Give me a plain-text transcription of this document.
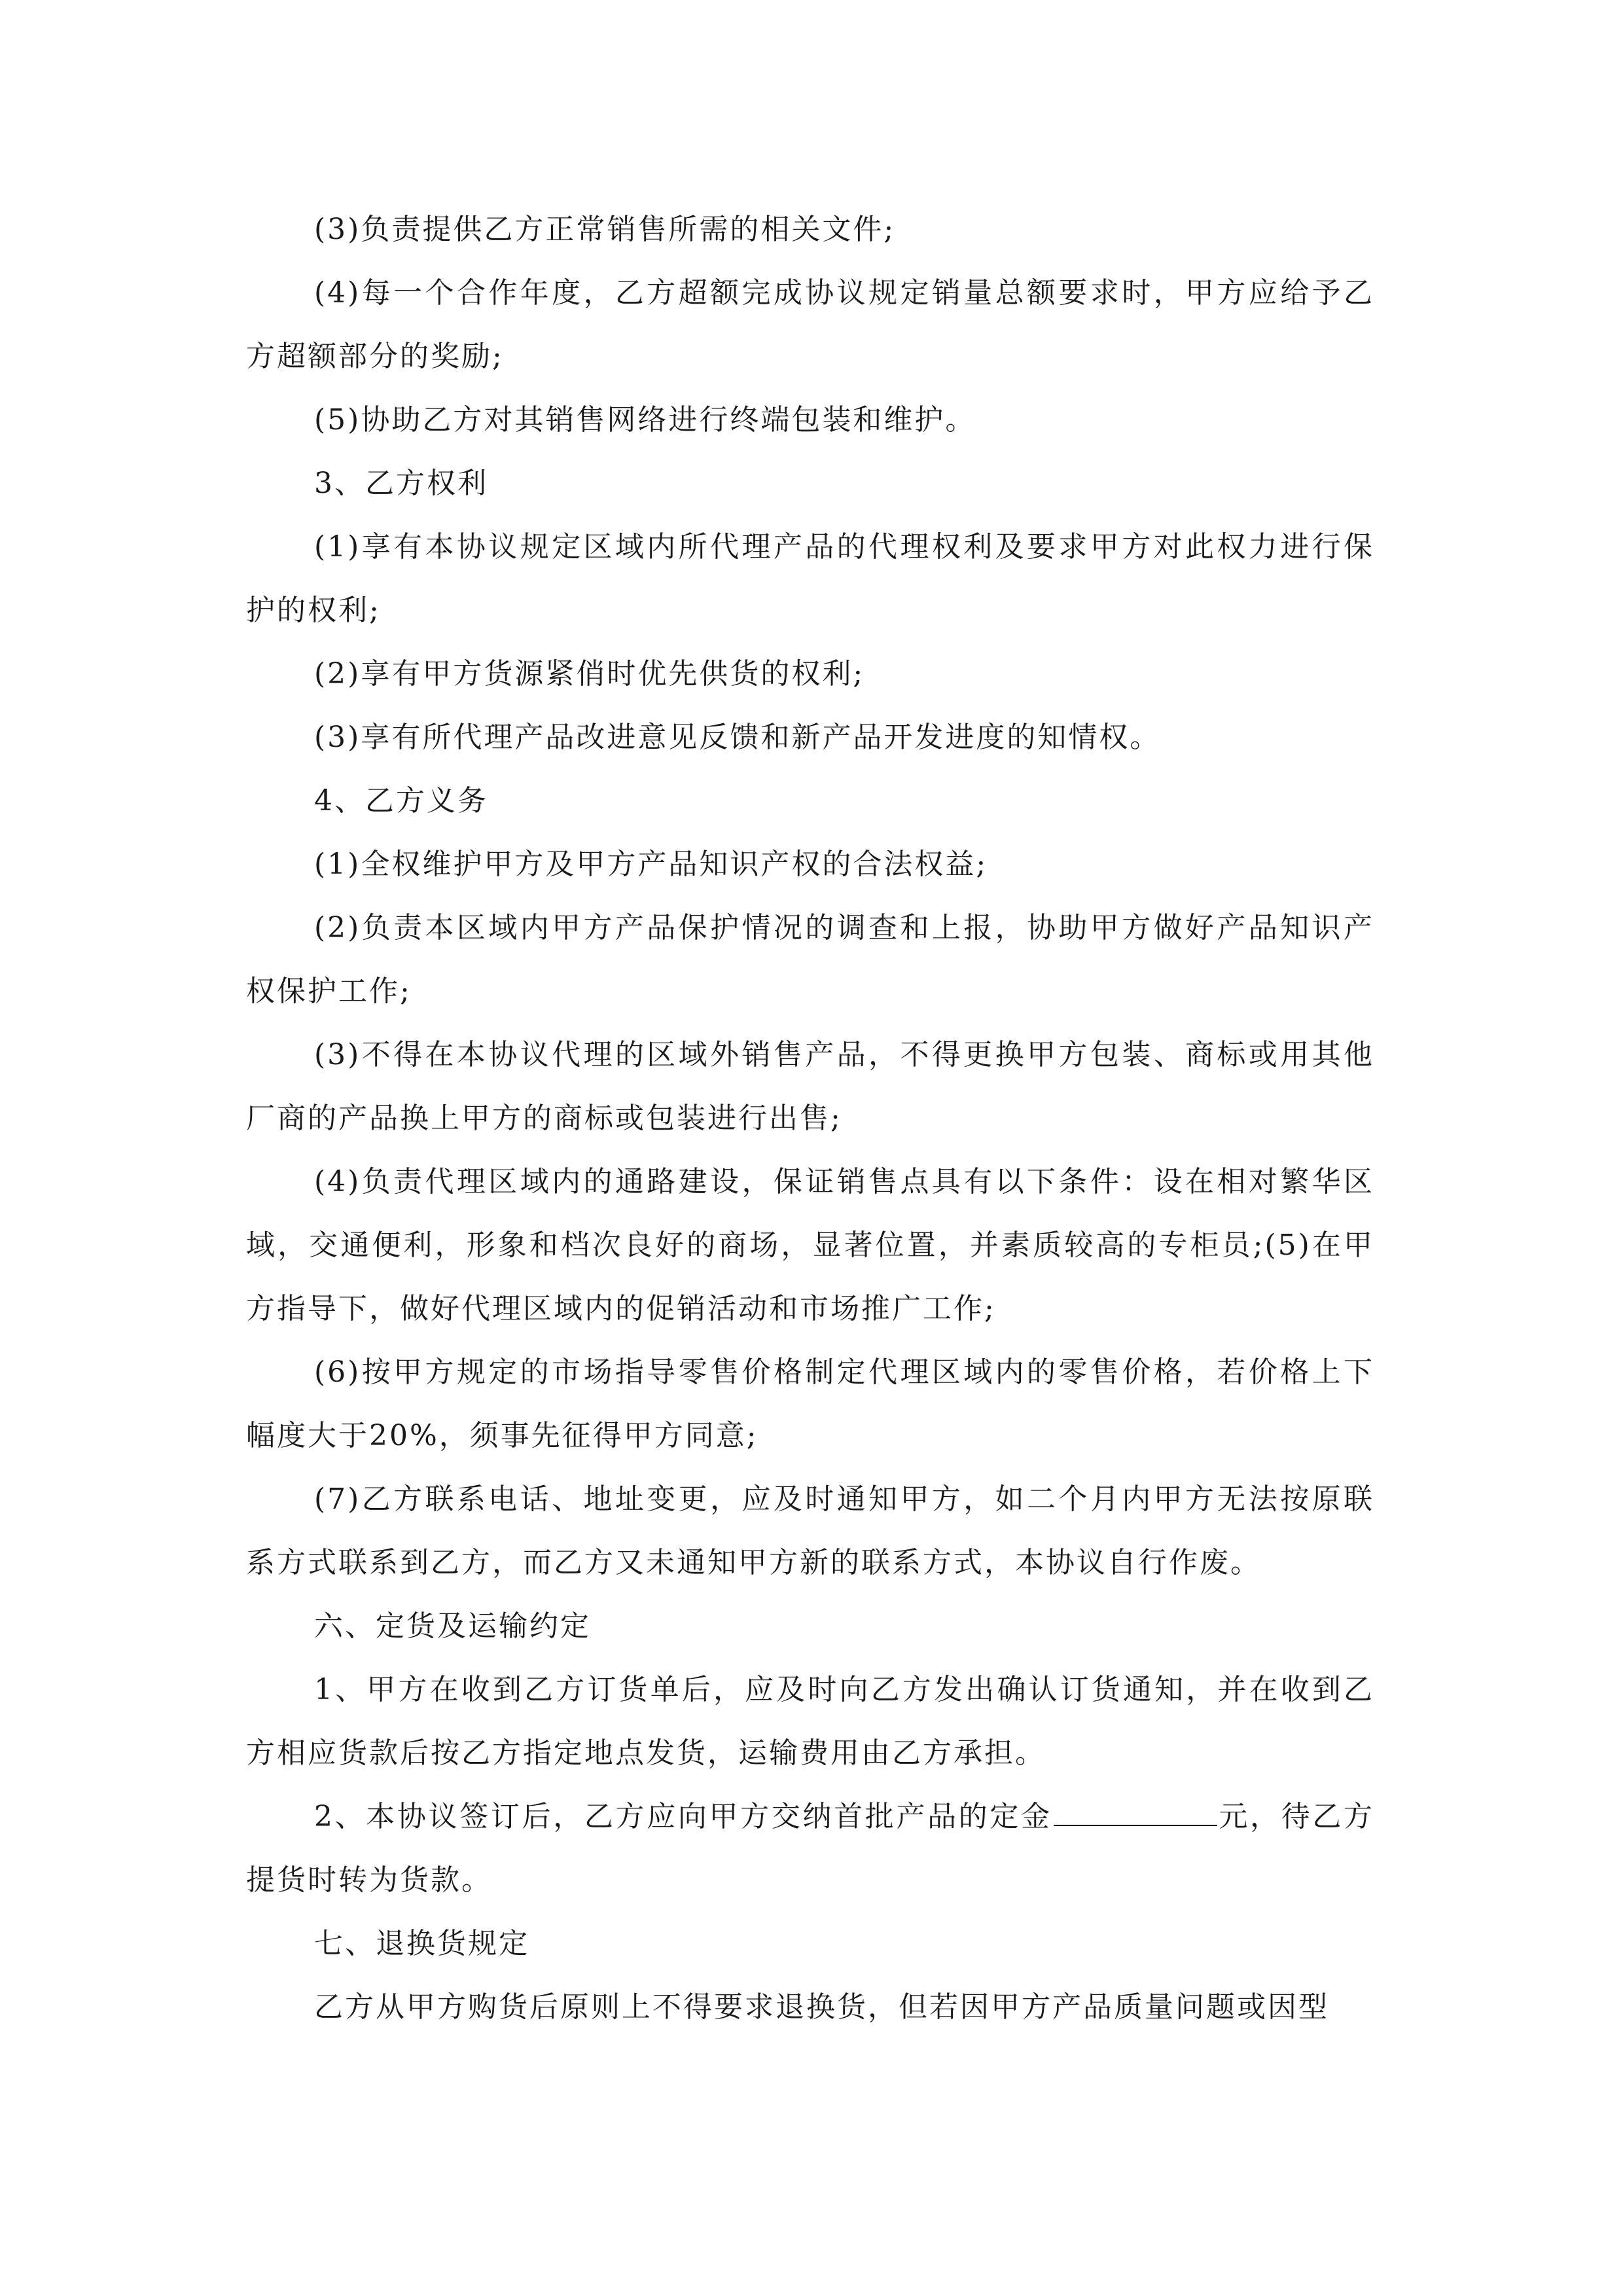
(3)负责提供乙方正常销售所需的相关文件;

(4)每一个合作年度，乙方超额完成协议规定销量总额要求时，甲方应给予乙方超额部分的奖励;

(5)协助乙方对其销售网络进行终端包装和维护。

3、乙方权利

(1)享有本协议规定区域内所代理产品的代理权利及要求甲方对此权力进行保护的权利;

(2)享有甲方货源紧俏时优先供货的权利;

(3)享有所代理产品改进意见反馈和新产品开发进度的知情权。

4、乙方义务

(1)全权维护甲方及甲方产品知识产权的合法权益;

(2)负责本区域内甲方产品保护情况的调查和上报，协助甲方做好产品知识产权保护工作;

(3)不得在本协议代理的区域外销售产品，不得更换甲方包装、商标或用其他厂商的产品换上甲方的商标或包装进行出售;

(4)负责代理区域内的通路建设，保证销售点具有以下条件：设在相对繁华区域，交通便利，形象和档次良好的商场，显著位置，并素质较高的专柜员;(5)在甲方指导下，做好代理区域内的促销活动和市场推广工作;

(6)按甲方规定的市场指导零售价格制定代理区域内的零售价格，若价格上下幅度大于20%，须事先征得甲方同意;

(7)乙方联系电话、地址变更，应及时通知甲方，如二个月内甲方无法按原联系方式联系到乙方，而乙方又未通知甲方新的联系方式，本协议自行作废。

六、定货及运输约定

1、甲方在收到乙方订货单后，应及时向乙方发出确认订货通知，并在收到乙方相应货款后按乙方指定地点发货，运输费用由乙方承担。

2、本协议签订后，乙方应向甲方交纳首批产品的定金	元，待乙方提货时转为货款。

七、退换货规定

乙方从甲方购货后原则上不得要求退换货，但若因甲方产品质量问题或因型
